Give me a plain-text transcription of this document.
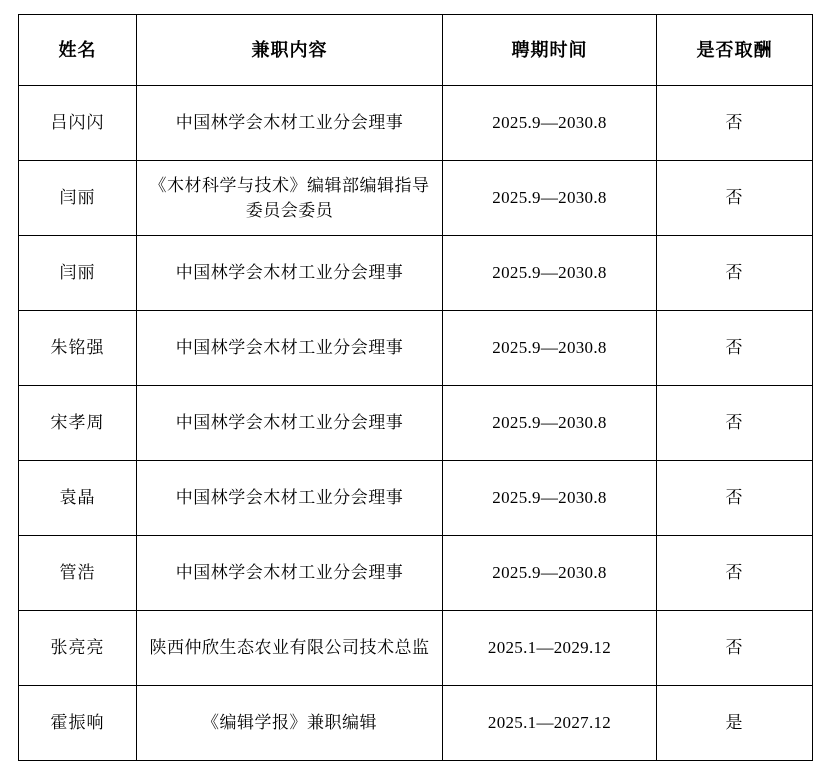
姓名	兼职内容	聘期时间	是否取酬
吕闪闪	中国林学会木材工业分会理事	2025.9—2030.8	否
闫丽	《木材科学与技术》编辑部编辑指导委员会委员	2025.9—2030.8	否
闫丽	中国林学会木材工业分会理事	2025.9—2030.8	否
朱铭强	中国林学会木材工业分会理事	2025.9—2030.8	否
宋孝周	中国林学会木材工业分会理事	2025.9—2030.8	否
袁晶	中国林学会木材工业分会理事	2025.9—2030.8	否
管浩	中国林学会木材工业分会理事	2025.9—2030.8	否
张亮亮	陕西仲欣生态农业有限公司技术总监	2025.1—2029.12	否
霍振响	《编辑学报》兼职编辑	2025.1—2027.12	是
